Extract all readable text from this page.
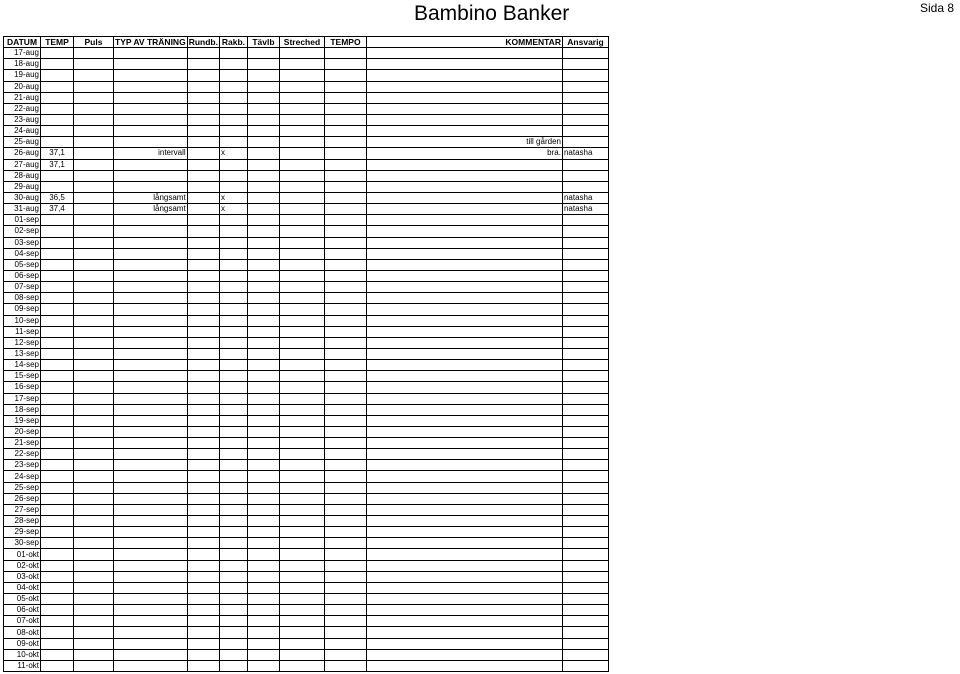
Bambino Banker	Sida 8
DATUM	TEMP	Puls	TYP AV TRÄNING	Rundb.	Rakb.	Tävlb	Streched	TEMPO	KOMMENTAR	Ansvarig
17-aug										
18-aug										
19-aug										
20-aug										
21-aug										
22-aug										
23-aug										
24-aug										
25-aug									till gården	
26-aug	37,1		intervall		x				bra.	natasha
27-aug	37,1									
28-aug										
29-aug										
30-aug	36,5		långsamt		x					natasha
31-aug	37,4		långsamt		x					natasha
01-sep										
02-sep										
03-sep										
04-sep										
05-sep										
06-sep										
07-sep										
08-sep										
09-sep										
10-sep										
11-sep										
12-sep										
13-sep										
14-sep										
15-sep										
16-sep										
17-sep										
18-sep										
19-sep										
20-sep										
21-sep										
22-sep										
23-sep										
24-sep										
25-sep										
26-sep										
27-sep										
28-sep										
29-sep										
30-sep										
01-okt										
02-okt										
03-okt										
04-okt										
05-okt										
06-okt										
07-okt										
08-okt										
09-okt										
10-okt										
11-okt										
